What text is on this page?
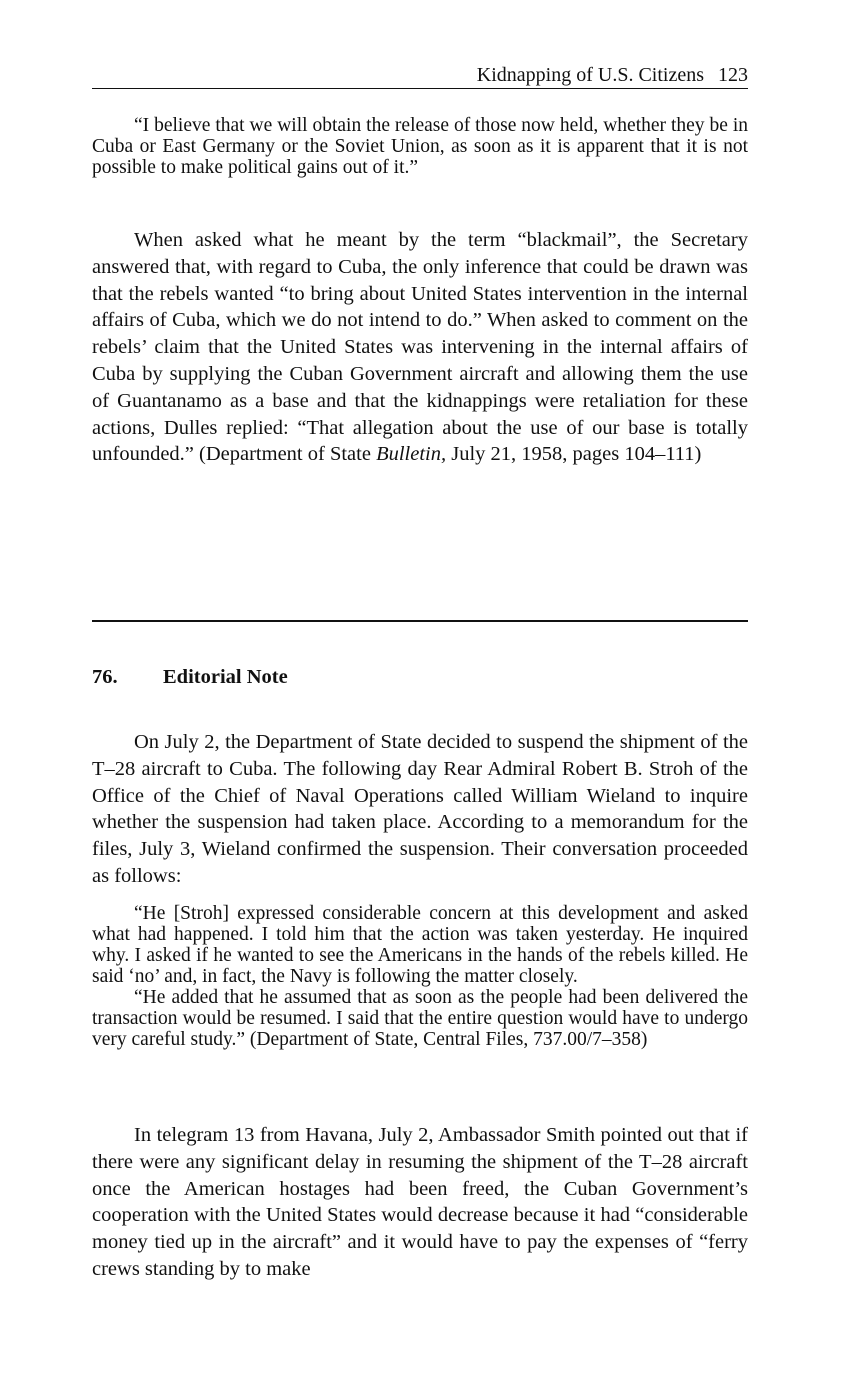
Kidnapping of U.S. Citizens 123

“I believe that we will obtain the release of those now held, whether they be in Cuba or East Germany or the Soviet Union, as soon as it is apparent that it is not possible to make political gains out of it.”

When asked what he meant by the term “blackmail”, the Secretary answered that, with regard to Cuba, the only inference that could be drawn was that the rebels wanted “to bring about United States intervention in the internal affairs of Cuba, which we do not intend to do.” When asked to comment on the rebels’ claim that the United States was intervening in the internal affairs of Cuba by supplying the Cuban Government aircraft and allowing them the use of Guantanamo as a base and that the kidnappings were retaliation for these actions, Dulles replied: “That allegation about the use of our base is totally unfounded.” (Department of State Bulletin, July 21, 1958, pages 104–111)

76. Editorial Note

On July 2, the Department of State decided to suspend the shipment of the T–28 aircraft to Cuba. The following day Rear Admiral Robert B. Stroh of the Office of the Chief of Naval Operations called William Wieland to inquire whether the suspension had taken place. According to a memorandum for the files, July 3, Wieland confirmed the suspension. Their conversation proceeded as follows:

“He [Stroh] expressed considerable concern at this development and asked what had happened. I told him that the action was taken yesterday. He inquired why. I asked if he wanted to see the Americans in the hands of the rebels killed. He said ‘no’ and, in fact, the Navy is following the matter closely.

“He added that he assumed that as soon as the people had been delivered the transaction would be resumed. I said that the entire question would have to undergo very careful study.” (Department of State, Central Files, 737.00/7–358)

In telegram 13 from Havana, July 2, Ambassador Smith pointed out that if there were any significant delay in resuming the shipment of the T–28 aircraft once the American hostages had been freed, the Cuban Government’s cooperation with the United States would decrease because it had “considerable money tied up in the aircraft” and it would have to pay the expenses of “ferry crews standing by to make
